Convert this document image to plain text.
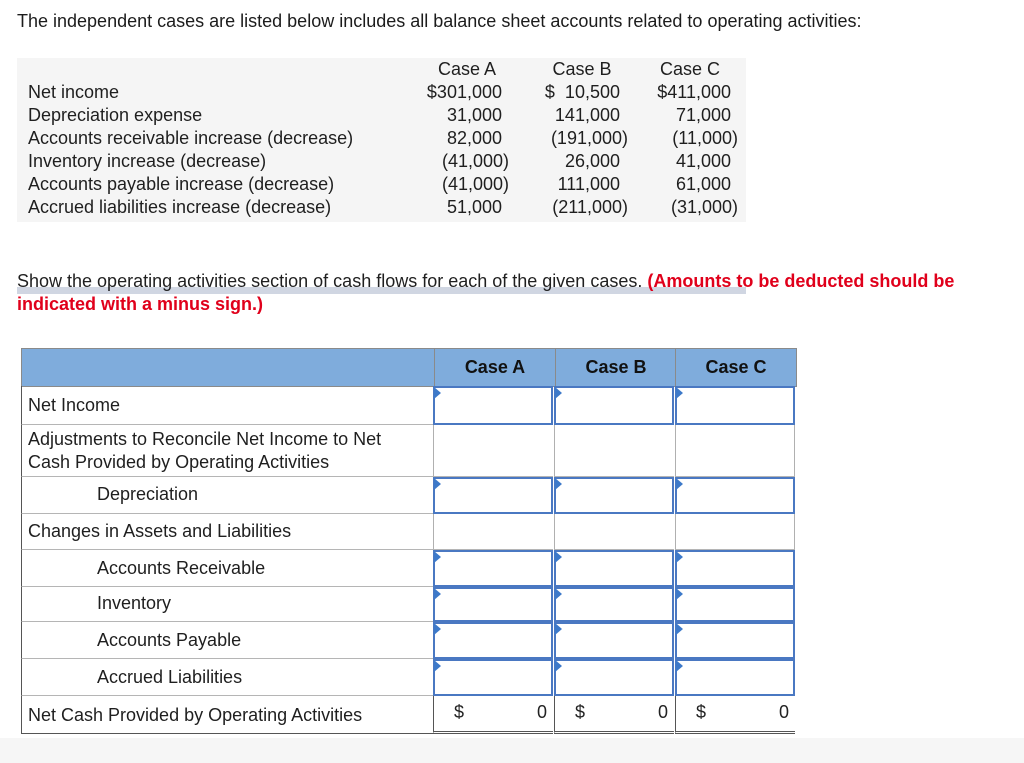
The independent cases are listed below includes all balance sheet accounts related to operating activities:
Case A	Case B	Case C
Net income	$301,000 $  10,500 $411,000
Depreciation expense	31,000	141,000	71,000
Accounts receivable increase (decrease)	82,000	(191,000) (11,000)
Inventory increase (decrease)	(41,000)	26,000	41,000
Accounts payable increase (decrease)	(41,000)	111,000	61,000
Accrued liabilities increase (decrease)	51,000	(211,000) (31,000)
Show the operating activities section of cash flows for each of the given cases. (Amounts to be deducted should be indicated with a minus sign.)
Case A	Case B	Case C
Net Income
Adjustments to Reconcile Net Income to Net
Cash Provided by Operating Activities
Depreciation
Changes in Assets and Liabilities
Accounts Receivable
Inventory
Accounts Payable
Accrued Liabilities
Net Cash Provided by Operating Activities	$	0 $	0 $	0
